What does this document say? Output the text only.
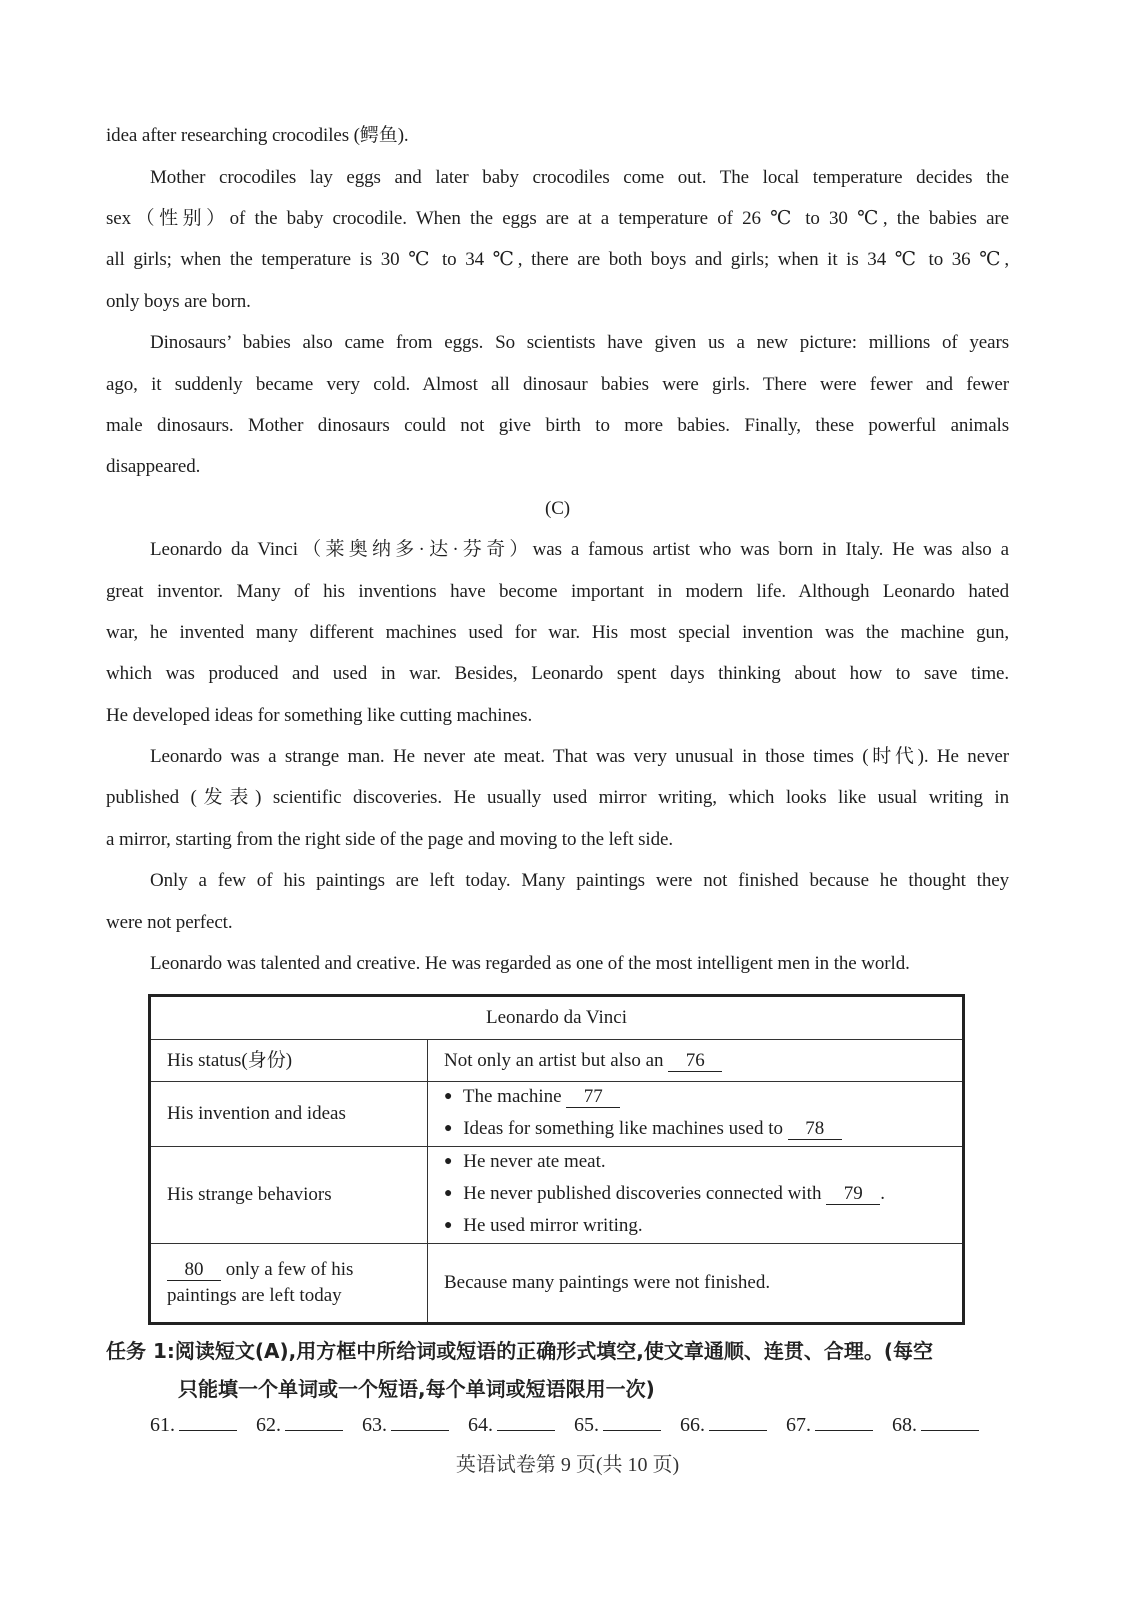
idea after researching crocodiles (鳄鱼).
Mother crocodiles lay eggs and later baby crocodiles come out. The local temperature decides the
sex（性别）of the baby crocodile. When the eggs are at a temperature of 26 ℃ to 30 ℃, the babies are
all girls; when the temperature is 30 ℃ to 34 ℃, there are both boys and girls; when it is 34 ℃ to 36 ℃,
only boys are born.
Dinosaurs’ babies also came from eggs. So scientists have given us a new picture: millions of years
ago, it suddenly became very cold. Almost all dinosaur babies were girls. There were fewer and fewer
male dinosaurs. Mother dinosaurs could not give birth to more babies. Finally, these powerful animals
disappeared.
(C)
Leonardo da Vinci（莱奥纳多·达·芬奇）was a famous artist who was born in Italy. He was also a
great inventor. Many of his inventions have become important in modern life. Although Leonardo hated
war, he invented many different machines used for war. His most special invention was the machine gun,
which was produced and used in war. Besides, Leonardo spent days thinking about how to save time.
He developed ideas for something like cutting machines.
Leonardo was a strange man. He never ate meat. That was very unusual in those times (时代). He never
published (发表) scientific discoveries. He usually used mirror writing, which looks like usual writing in
a mirror, starting from the right side of the page and moving to the left side.
Only a few of his paintings are left today. Many paintings were not finished because he thought they
were not perfect.
Leonardo was talented and creative. He was regarded as one of the most intelligent men in the world.
Leonardo da Vinci	
His status(身份)	Not only an artist but also an 76
His invention and ideas	● The machine 77
● Ideas for something like machines used to 78

His strange behaviors	● He never ate meat.
● He never published discoveries connected with 79 .
● He used mirror writing.

80 only a few of his
paintings are left today	Because many paintings were not finished.
任务 1:阅读短文(A),用方框中所给词或短语的正确形式填空,使文章通顺、连贯、合理。(每空
只能填一个单词或一个短语,每个单词或短语限用一次)
61.	62.	63.	64.	65.	66.	67.	68.
英语试卷第 9 页(共 10 页)
